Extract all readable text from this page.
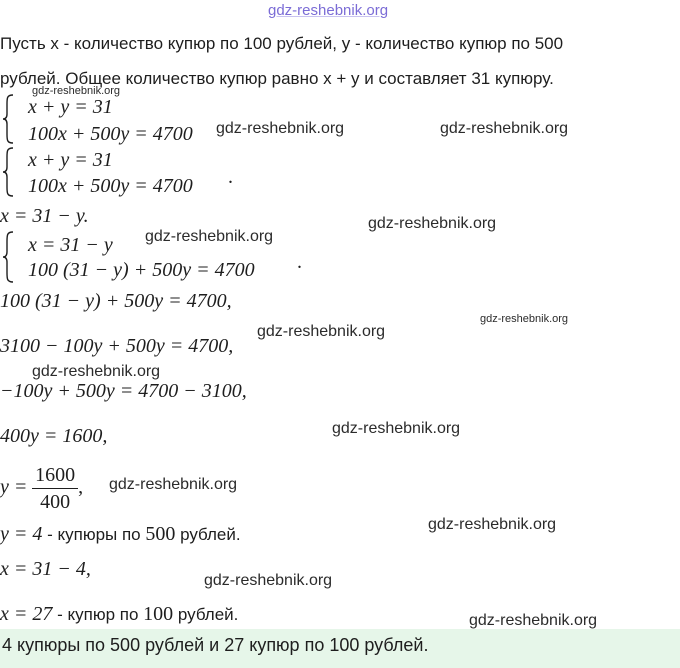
gdz-reshebnik.org
Пусть x - количество купюр по 100 рублей, y - количество купюр по 500
рублей. Общее количество купюр равно x + y и составляет 31 купюру.
x + y = 31
100x + 500y = 4700
x + y = 31
100x + 500y = 4700 .
x = 31 − y.
x = 31 − y
100 (31 − y) + 500y = 4700 .
100 (31 − y) + 500y = 4700,
3100 − 100y + 500y = 4700,
−100y + 500y = 4700 − 3100,
400y = 1600,
$y = \frac{1600}{400}$ ,
y = 4 - купюры по 500 рублей.
x = 31 − 4,
x = 27 - купюр по 100 рублей.
4 купюры по 500 рублей и 27 купюр по 100 рублей.
gdz-reshebnik.org
gdz-reshebnik.org	gdz-reshebnik.org
gdz-reshebnik.org
gdz-reshebnik.org
gdz-reshebnik.org
gdz-reshebnik.org
gdz-reshebnik.org
gdz-reshebnik.org
gdz-reshebnik.org
gdz-reshebnik.org
gdz-reshebnik.org
gdz-reshebnik.org
